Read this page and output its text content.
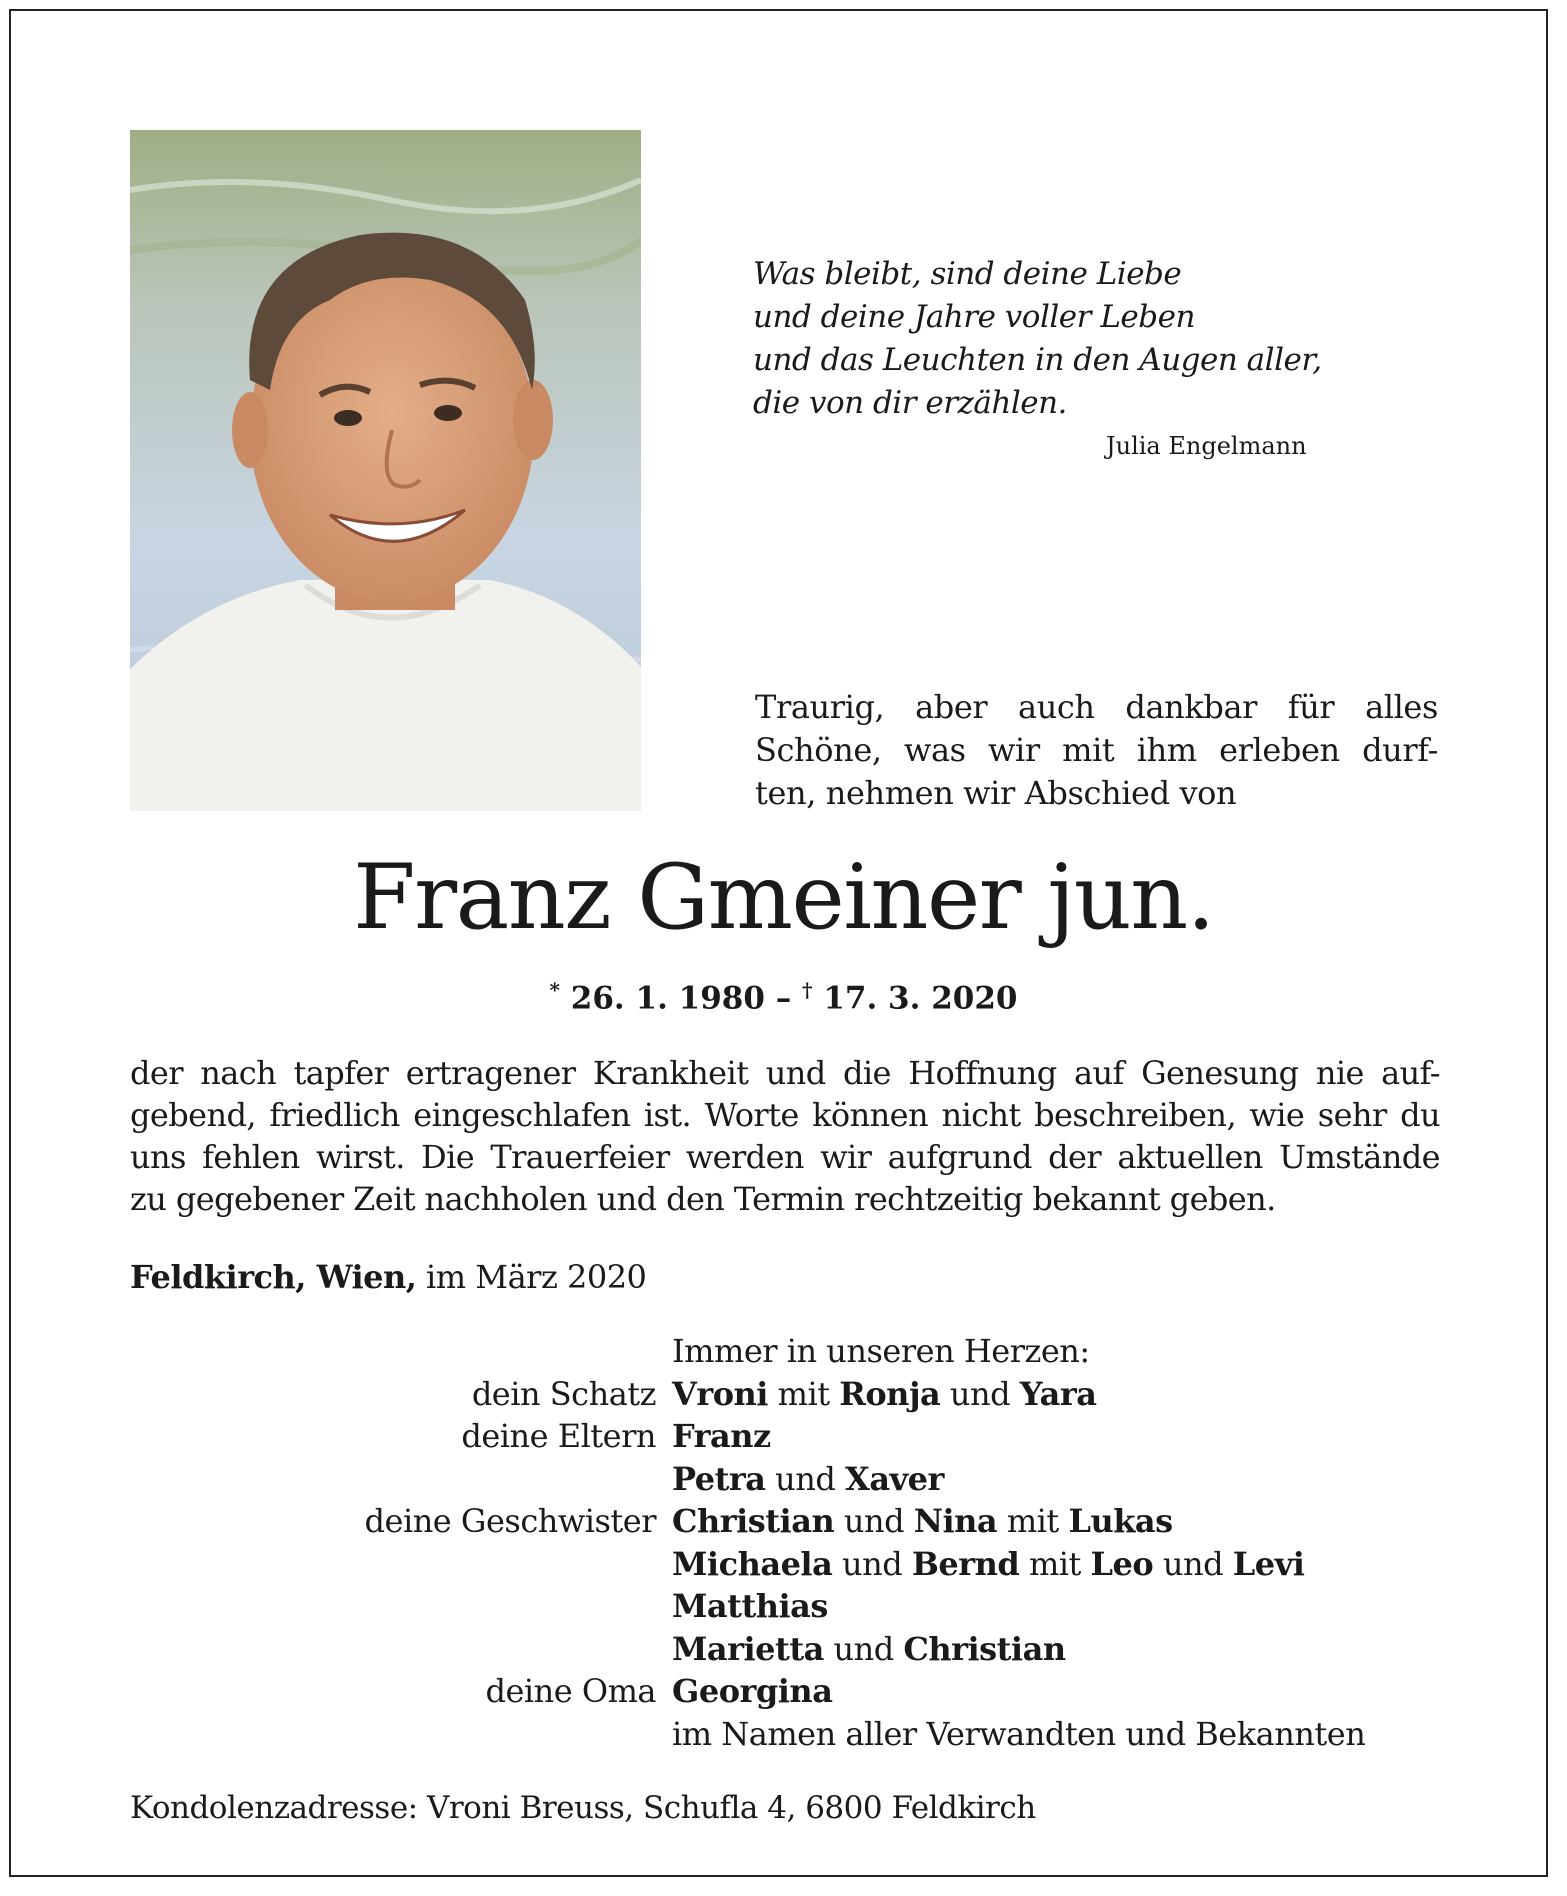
Was bleibt, sind deine Liebe
und deine Jahre voller Leben
und das Leuchten in den Augen aller,
die von dir erzählen.
Julia Engelmann
Traurig, aber auch dankbar für alles
Schöne, was wir mit ihm erleben durf-
ten, nehmen wir Abschied von
Franz Gmeiner jun.
* 26. 1. 1980 – † 17. 3. 2020
der nach tapfer ertragener Krankheit und die Hoffnung auf Genesung nie auf-
gebend, friedlich eingeschlafen ist. Worte können nicht beschreiben, wie sehr du
uns fehlen wirst. Die Trauerfeier werden wir aufgrund der aktuellen Umstände
zu gegebener Zeit nachholen und den Termin rechtzeitig bekannt geben.
Feldkirch, Wien, im März 2020
Immer in unseren Herzen:
dein Schatz Vroni mit Ronja und Yara
deine Eltern Franz
Petra und Xaver
deine Geschwister Christian und Nina mit Lukas
Michaela und Bernd mit Leo und Levi
Matthias
Marietta und Christian
deine Oma Georgina
im Namen aller Verwandten und Bekannten
Kondolenzadresse: Vroni Breuss, Schufla 4, 6800 Feldkirch
